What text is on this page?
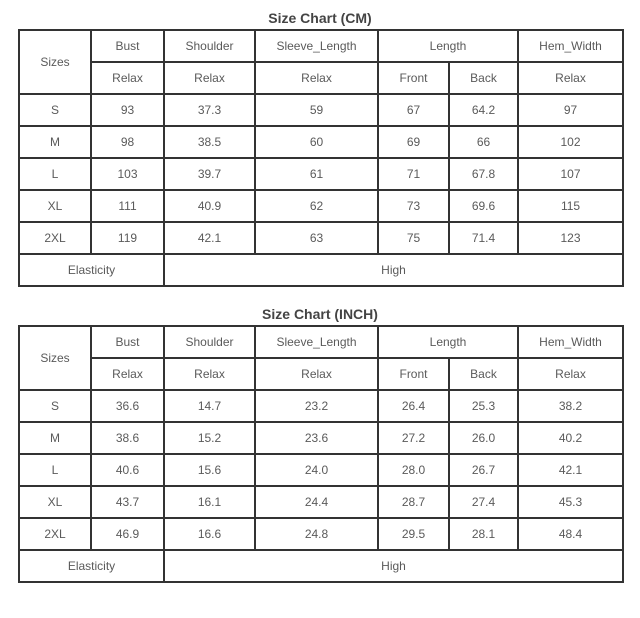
Size Chart (CM)
Sizes	Bust	Shoulder	Sleeve_Length	Length		Hem_Width
	Relax	Relax	Relax	Front	Back	Relax
S	93	37.3	59	67	64.2	97
M	98	38.5	60	69	66	102
L	103	39.7	61	71	67.8	107
XL	111	40.9	62	73	69.6	115
2XL	119	42.1	63	75	71.4	123
Elasticity		High				
Size Chart (INCH)
Sizes	Bust	Shoulder	Sleeve_Length	Length		Hem_Width
	Relax	Relax	Relax	Front	Back	Relax
S	36.6	14.7	23.2	26.4	25.3	38.2
M	38.6	15.2	23.6	27.2	26.0	40.2
L	40.6	15.6	24.0	28.0	26.7	42.1
XL	43.7	16.1	24.4	28.7	27.4	45.3
2XL	46.9	16.6	24.8	29.5	28.1	48.4
Elasticity		High				
